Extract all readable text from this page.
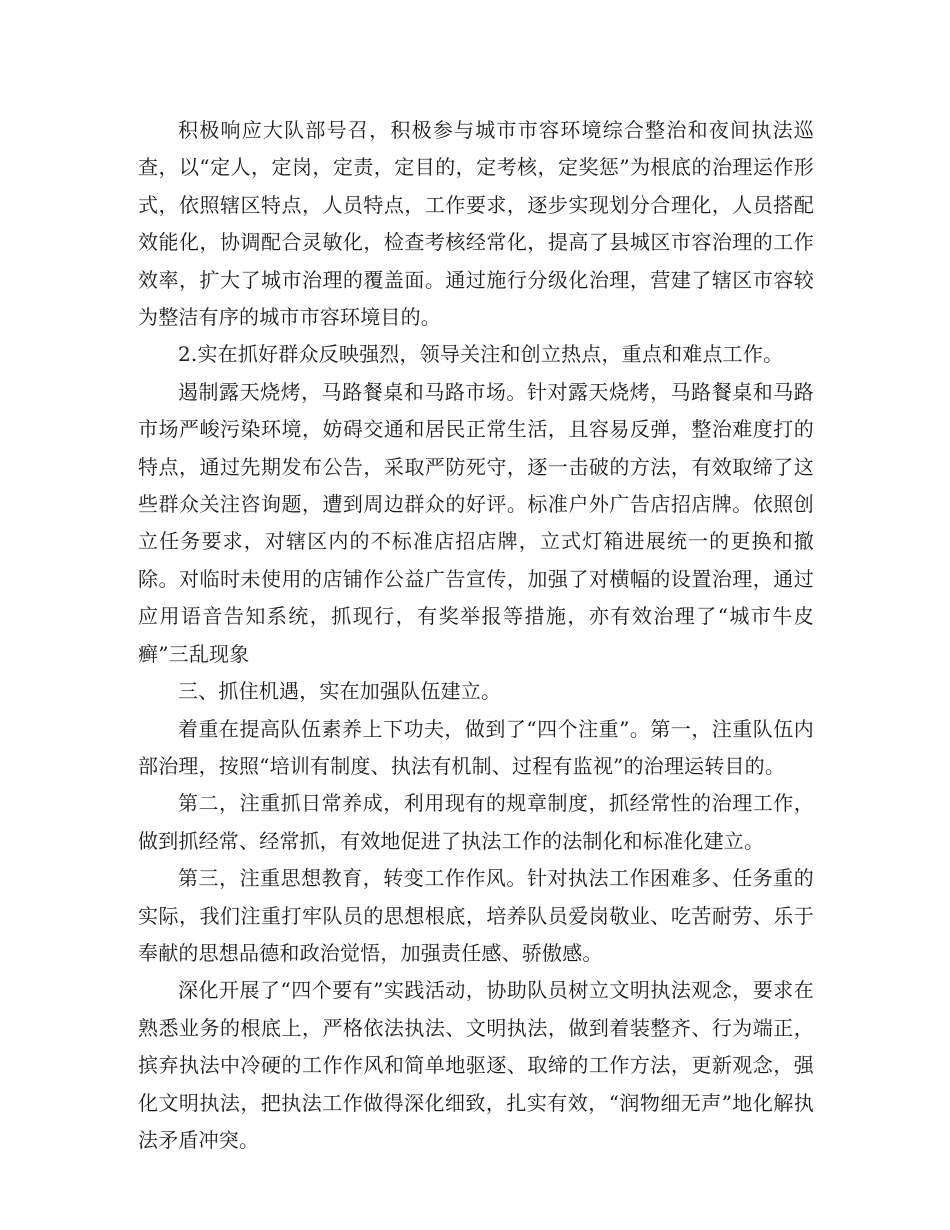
积极响应大队部号召，积极参与城市市容环境综合整治和夜间执法巡查，以“定人，定岗，定责，定目的，定考核，定奖惩”为根底的治理运作形式，依照辖区特点，人员特点，工作要求，逐步实现划分合理化，人员搭配效能化，协调配合灵敏化，检查考核经常化，提高了县城区市容治理的工作效率，扩大了城市治理的覆盖面。通过施行分级化治理，营建了辖区市容较为整洁有序的城市市容环境目的。

2.实在抓好群众反映强烈，领导关注和创立热点，重点和难点工作。

遏制露天烧烤，马路餐桌和马路市场。针对露天烧烤，马路餐桌和马路市场严峻污染环境，妨碍交通和居民正常生活，且容易反弹，整治难度打的特点，通过先期发布公告，采取严防死守，逐一击破的方法，有效取缔了这些群众关注咨询题，遭到周边群众的好评。标准户外广告店招店牌。依照创立任务要求，对辖区内的不标准店招店牌，立式灯箱进展统一的更换和撤除。对临时未使用的店铺作公益广告宣传，加强了对横幅的设置治理，通过应用语音告知系统，抓现行，有奖举报等措施，亦有效治理了“城市牛皮癣”三乱现象

三、抓住机遇，实在加强队伍建立。

着重在提高队伍素养上下功夫，做到了“四个注重”。第一，注重队伍内部治理，按照“培训有制度、执法有机制、过程有监视”的治理运转目的。

第二，注重抓日常养成，利用现有的规章制度，抓经常性的治理工作，做到抓经常、经常抓，有效地促进了执法工作的法制化和标准化建立。

第三，注重思想教育，转变工作作风。针对执法工作困难多、任务重的实际，我们注重打牢队员的思想根底，培养队员爱岗敬业、吃苦耐劳、乐于奉献的思想品德和政治觉悟，加强责任感、骄傲感。

深化开展了“四个要有”实践活动，协助队员树立文明执法观念，要求在熟悉业务的根底上，严格依法执法、文明执法，做到着装整齐、行为端正，摈弃执法中冷硬的工作作风和简单地驱逐、取缔的工作方法，更新观念，强化文明执法，把执法工作做得深化细致，扎实有效，“润物细无声”地化解执法矛盾冲突。
